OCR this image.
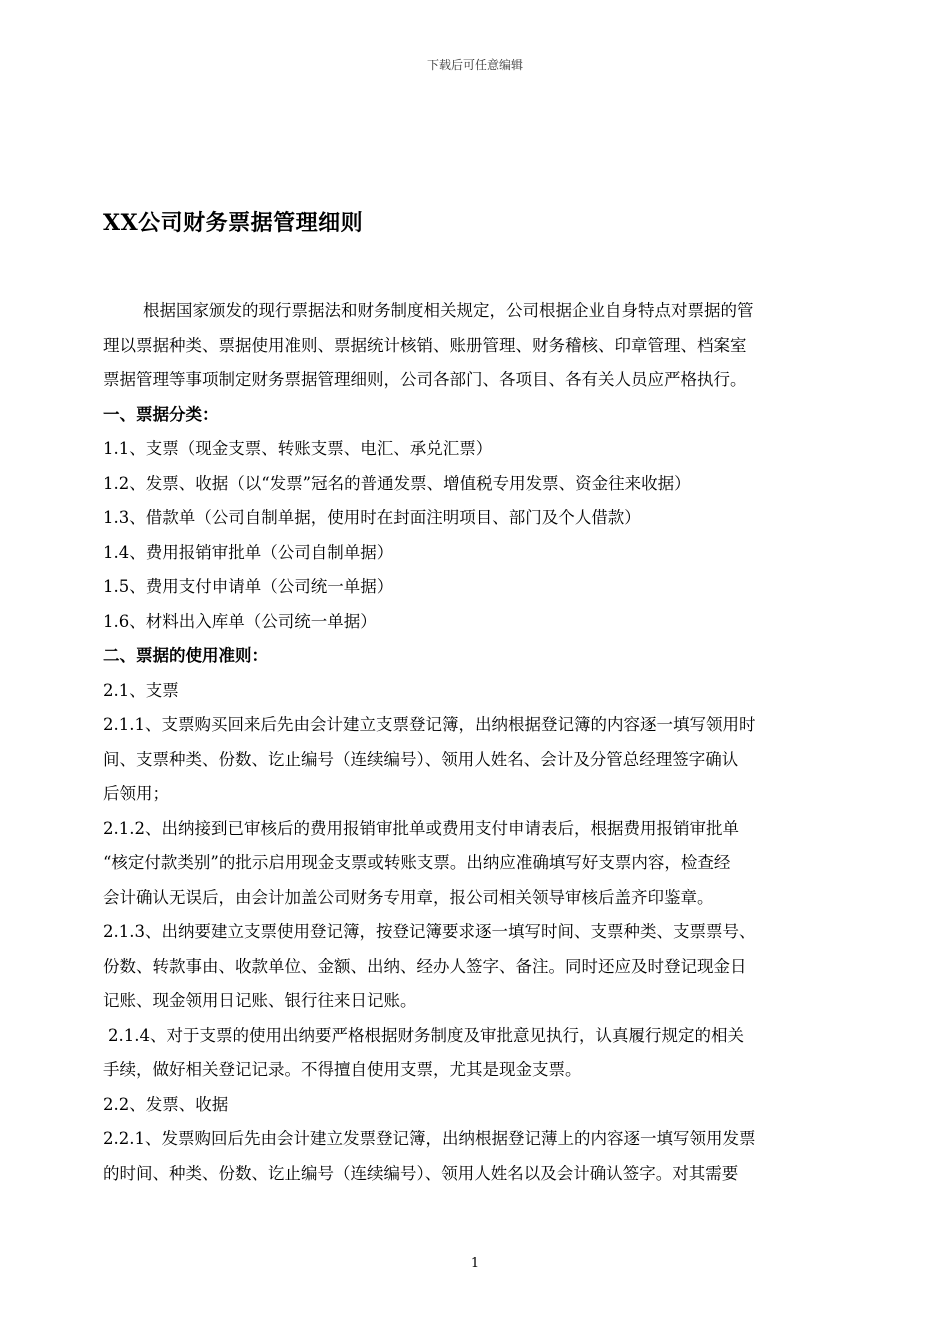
下载后可任意编辑
XX公司财务票据管理细则

根据国家颁发的现行票据法和财务制度相关规定，公司根据企业自身特点对票据的管

理以票据种类、票据使用准则、票据统计核销、账册管理、财务稽核、印章管理、档案室

票据管理等事项制定财务票据管理细则，公司各部门、各项目、各有关人员应严格执行。

一、票据分类：

1.1、支票（现金支票、转账支票、电汇、承兑汇票）

1.2、发票、收据（以“发票”冠名的普通发票、增值税专用发票、资金往来收据）

1.3、借款单（公司自制单据，使用时在封面注明项目、部门及个人借款）

1.4、费用报销审批单（公司自制单据）

1.5、费用支付申请单（公司统一单据）

1.6、材料出入库单（公司统一单据）

二、票据的使用准则：

2.1、支票

2.1.1、支票购买回来后先由会计建立支票登记簿，出纳根据登记簿的内容逐一填写领用时

间、支票种类、份数、讫止编号（连续编号）、领用人姓名、会计及分管总经理签字确认

后领用；

2.1.2、出纳接到已审核后的费用报销审批单或费用支付申请表后，根据费用报销审批单

“核定付款类别”的批示启用现金支票或转账支票。出纳应准确填写好支票内容，检查经

会计确认无误后，由会计加盖公司财务专用章，报公司相关领导审核后盖齐印鉴章。

2.1.3、出纳要建立支票使用登记簿，按登记簿要求逐一填写时间、支票种类、支票票号、

份数、转款事由、收款单位、金额、出纳、经办人签字、备注。同时还应及时登记现金日

记账、现金领用日记账、银行往来日记账。

2.1.4、对于支票的使用出纳要严格根据财务制度及审批意见执行，认真履行规定的相关

手续，做好相关登记记录。不得擅自使用支票，尤其是现金支票。

2.2、发票、收据

2.2.1、发票购回后先由会计建立发票登记簿，出纳根据登记薄上的内容逐一填写领用发票

的时间、种类、份数、讫止编号（连续编号）、领用人姓名以及会计确认签字。对其需要

1
